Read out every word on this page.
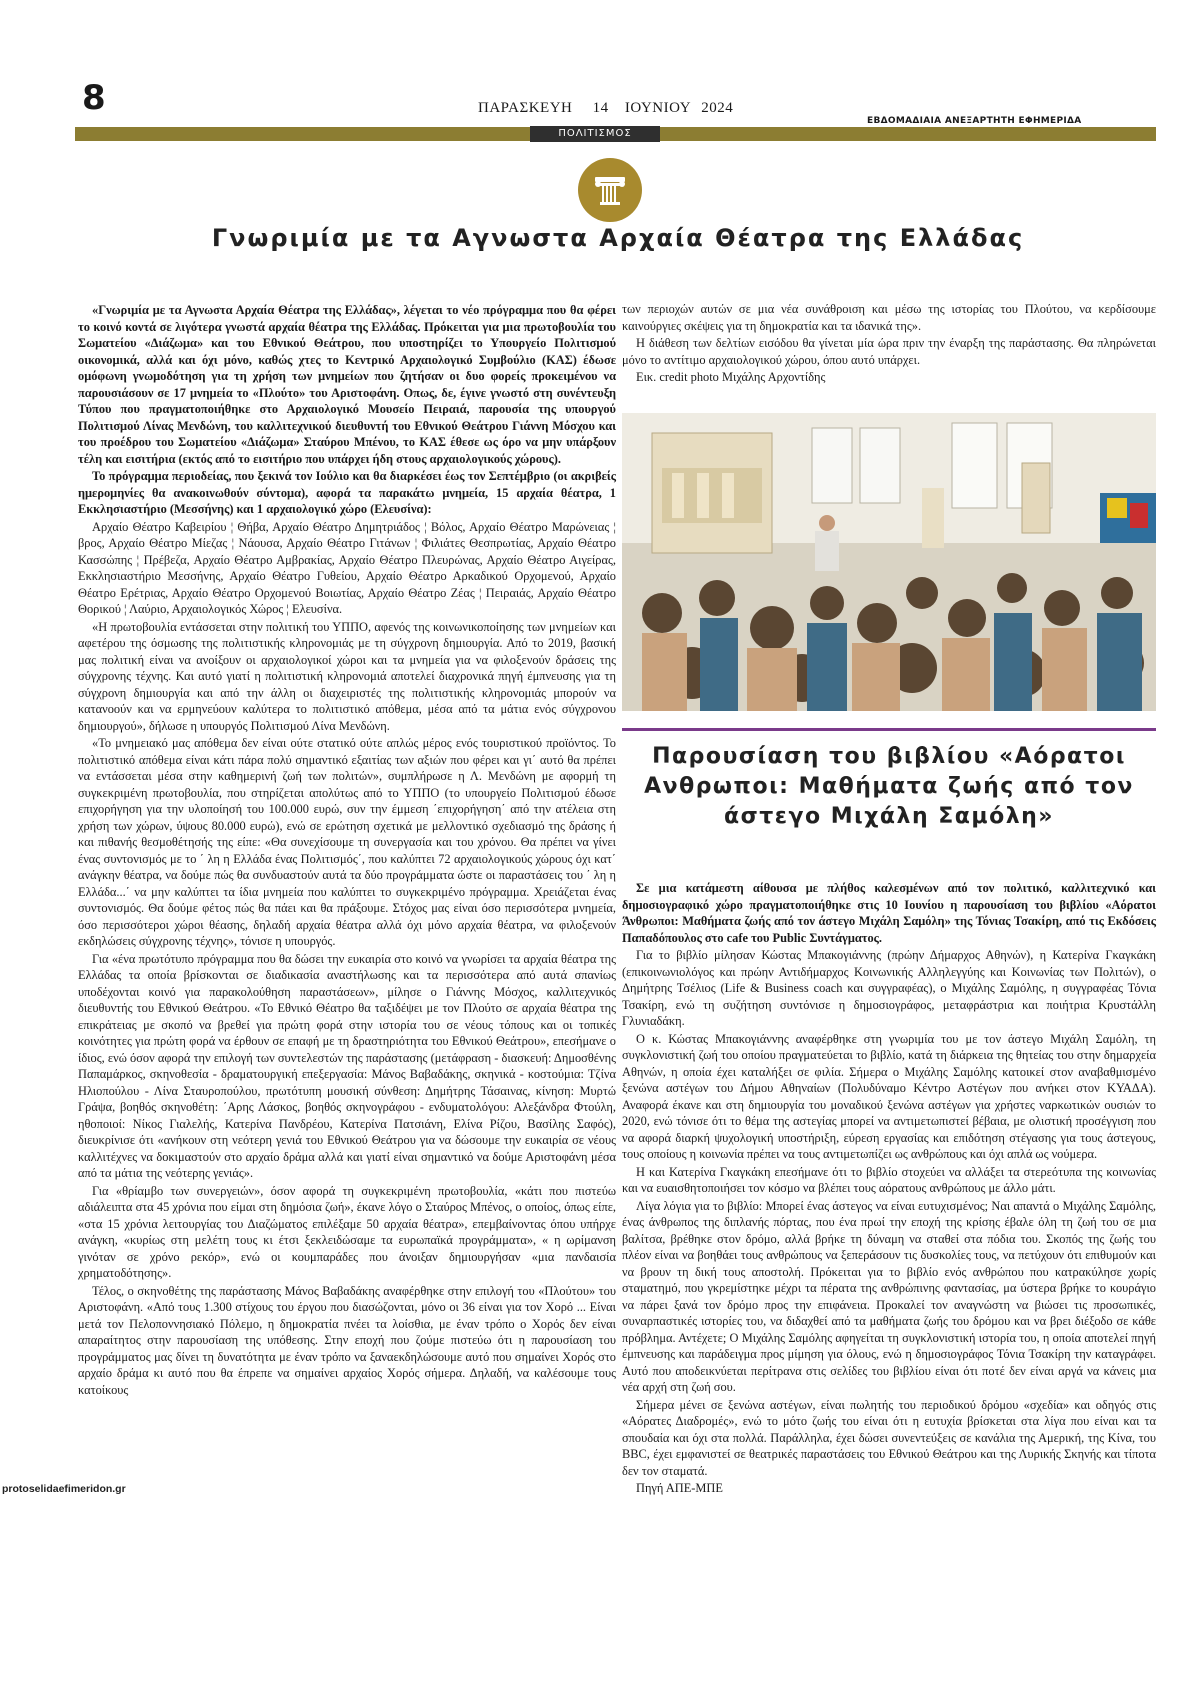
8	ΠΑΡΑΣΚΕΥΗ 14 ΙΟΥΝΙΟΥ 2024
ΕΒΔΟΜΑΔΙΑΙΑ ΑΝΕΞΑΡΤΗΤΗ ΕΦΗΜΕΡΙΔΑ
ΠΟΛΙΤΙΣΜΟΣ
Γνωριμία με τα Αγνωστα Αρχαία Θέατρα της Ελλάδας

«Γνωριμία με τα Αγνωστα Αρχαία Θέατρα της Ελλάδας», λέγεται το νέο πρόγραμμα που θα φέρει το κοινό κοντά σε λιγότερα γνωστά αρχαία θέατρα της Ελλάδας. Πρόκειται για μια πρωτοβουλία του Σωματείου «Διάζωμα» και του Εθνικού Θεάτρου, που υποστηρίζει το Υπουργείο Πολιτισμού οικονομικά, αλλά και όχι μόνο, καθώς χτες το Κεντρικό Αρχαιολογικό Συμβούλιο (ΚΑΣ) έδωσε ομόφωνη γνωμοδότηση για τη χρήση των μνημείων που ζητήσαν οι δυο φορείς προκειμένου να παρουσιάσουν σε 17 μνημεία το «Πλούτο» του Αριστοφάνη. Οπως, δε, έγινε γνωστό στη συνέντευξη Τύπου που πραγματοποιήθηκε στο Αρχαιολογικό Μουσείο Πειραιά, παρουσία της υπουργού Πολιτισμού Λίνας Μενδώνη, του καλλιτεχνικού διευθυντή του Εθνικού Θεάτρου Γιάννη Μόσχου και του προέδρου του Σωματείου «Διάζωμα» Σταύρου Μπένου, το ΚΑΣ έθεσε ως όρο να μην υπάρξουν τέλη και εισιτήρια (εκτός από το εισιτήριο που υπάρχει ήδη στους αρχαιολογικούς χώρους).

Το πρόγραμμα περιοδείας, που ξεκινά τον Ιούλιο και θα διαρκέσει έως τον Σεπτέμβριο (οι ακριβείς ημερομηνίες θα ανακοινωθούν σύντομα), αφορά τα παρακάτω μνημεία, 15 αρχαία θέατρα, 1 Εκκλησιαστήριο (Μεσσήνης) και 1 αρχαιολογικό χώρο (Ελευσίνα):

Αρχαίο Θέατρο Καβειρίου ¦ Θήβα, Αρχαίο Θέατρο Δημητριάδος ¦ Βόλος, Αρχαίο Θέατρο Μαρώνειας ¦ βρος, Αρχαίο Θέατρο Μίεζας ¦ Νάουσα, Αρχαίο Θέατρο Γιτάνων ¦ Φιλιάτες Θεσπρωτίας, Αρχαίο Θέατρο Κασσώπης ¦ Πρέβεζα, Αρχαίο Θέατρο Αμβρακίας, Αρχαίο Θέατρο Πλευρώνας, Αρχαίο Θέατρο Αιγείρας, Εκκλησιαστήριο Μεσσήνης, Αρχαίο Θέατρο Γυθείου, Αρχαίο Θέατρο Αρκαδικού Ορχομενού, Αρχαίο Θέατρο Ερέτριας, Αρχαίο Θέατρο Ορχομενού Βοιωτίας, Αρχαίο Θέατρο Ζέας ¦ Πειραιάς, Αρχαίο Θέατρο Θορικού ¦ Λαύριο, Αρχαιολογικός Χώρος ¦ Ελευσίνα.

«Η πρωτοβουλία εντάσσεται στην πολιτική του ΥΠΠΟ, αφενός της κοινωνικοποίησης των μνημείων και αφετέρου της όσμωσης της πολιτιστικής κληρονομιάς με τη σύγχρονη δημιουργία. Από το 2019, βασική μας πολιτική είναι να ανοίξουν οι αρχαιολογικοί χώροι και τα μνημεία για να φιλοξενούν δράσεις της σύγχρονης τέχνης. Και αυτό γιατί η πολιτιστική κληρονομιά αποτελεί διαχρονικά πηγή έμπνευσης για τη σύγχρονη δημιουργία και από την άλλη οι διαχειριστές της πολιτιστικής κληρονομιάς μπορούν να κατανοούν και να ερμηνεύουν καλύτερα το πολιτιστικό απόθεμα, μέσα από τα μάτια ενός σύγχρονου δημιουργού», δήλωσε η υπουργός Πολιτισμού Λίνα Μενδώνη.

«Το μνημειακό μας απόθεμα δεν είναι ούτε στατικό ούτε απλώς μέρος ενός τουριστικού προϊόντος. Το πολιτιστικό απόθεμα είναι κάτι πάρα πολύ σημαντικό εξαιτίας των αξιών που φέρει και γι΄ αυτό θα πρέπει να εντάσσεται μέσα στην καθημερινή ζωή των πολιτών», συμπλήρωσε η Λ. Μενδώνη με αφορμή τη συγκεκριμένη πρωτοβουλία, που στηρίζεται απολύτως από το ΥΠΠΟ (το υπουργείο Πολιτισμού έδωσε επιχορήγηση για την υλοποίησή του 100.000 ευρώ, συν την έμμεση ΄επιχορήγηση΄ από την ατέλεια στη χρήση των χώρων, ύψους 80.000 ευρώ), ενώ σε ερώτηση σχετικά με μελλοντικό σχεδιασμό της δράσης ή και πιθανής θεσμοθέτησής της είπε: «Θα συνεχίσουμε τη συνεργασία και του χρόνου. Θα πρέπει να γίνει ένας συντονισμός με το ΄ λη η Ελλάδα ένας Πολιτισμός΄, που καλύπτει 72 αρχαιολογικούς χώρους όχι κατ΄ ανάγκην θέατρα, να δούμε πώς θα συνδυαστούν αυτά τα δύο προγράμματα ώστε οι παραστάσεις του ΄ λη η Ελλάδα...΄ να μην καλύπτει τα ίδια μνημεία που καλύπτει το συγκεκριμένο πρόγραμμα. Χρειάζεται ένας συντονισμός. Θα δούμε φέτος πώς θα πάει και θα πράξουμε. Στόχος μας είναι όσο περισσότερα μνημεία, όσο περισσότεροι χώροι θέασης, δηλαδή αρχαία θέατρα αλλά όχι μόνο αρχαία θέατρα, να φιλοξενούν εκδηλώσεις σύγχρονης τέχνης», τόνισε η υπουργός.

Για «ένα πρωτότυπο πρόγραμμα που θα δώσει την ευκαιρία στο κοινό να γνωρίσει τα αρχαία θέατρα της Ελλάδας τα οποία βρίσκονται σε διαδικασία αναστήλωσης και τα περισσότερα από αυτά σπανίως υποδέχονται κοινό για παρακολούθηση παραστάσεων», μίλησε ο Γιάννης Μόσχος, καλλιτεχνικός διευθυντής του Εθνικού Θεάτρου. «Το Εθνικό Θέατρο θα ταξιδέψει με τον Πλούτο σε αρχαία θέατρα της επικράτειας με σκοπό να βρεθεί για πρώτη φορά στην ιστορία του σε νέους τόπους και οι τοπικές κοινότητες για πρώτη φορά να έρθουν σε επαφή με τη δραστηριότητα του Εθνικού Θεάτρου», επεσήμανε ο ίδιος, ενώ όσον αφορά την επιλογή των συντελεστών της παράστασης (μετάφραση - διασκευή: Δημοσθένης Παπαμάρκος, σκηνοθεσία - δραματουργική επεξεργασία: Μάνος Βαβαδάκης, σκηνικά - κοστούμια: Τζίνα Ηλιοπούλου - Λίνα Σταυροπούλου, πρωτότυπη μουσική σύνθεση: Δημήτρης Τάσαινας, κίνηση: Μυρτώ Γράψα, βοηθός σκηνοθέτη: ΄Αρης Λάσκος, βοηθός σκηνογράφου - ενδυματολόγου: Αλεξάνδρα Φτούλη, ηθοποιοί: Νίκος Γιαλελής, Κατερίνα Πανδρέου, Κατερίνα Πατσιάνη, Ελίνα Ρίζου, Βασίλης Σαφός), διευκρίνισε ότι «ανήκουν στη νεότερη γενιά του Εθνικού Θεάτρου για να δώσουμε την ευκαιρία σε νέους καλλιτέχνες να δοκιμαστούν στο αρχαίο δράμα αλλά και γιατί είναι σημαντικό να δούμε Αριστοφάνη μέσα από τα μάτια της νεότερης γενιάς».

Για «θρίαμβο των συνεργειών», όσον αφορά τη συγκεκριμένη πρωτοβουλία, «κάτι που πιστεύω αδιάλειπτα στα 45 χρόνια που είμαι στη δημόσια ζωή», έκανε λόγο ο Σταύρος Μπένος, ο οποίος, όπως είπε, «στα 15 χρόνια λειτουργίας του Διαζώματος επιλέξαμε 50 αρχαία θέατρα», επεμβαίνοντας όπου υπήρχε ανάγκη, «κυρίως στη μελέτη τους κι έτσι ξεκλειδώσαμε τα ευρωπαϊκά προγράμματα», « η ωρίμανση γινόταν σε χρόνο ρεκόρ», ενώ οι κουμπαράδες που άνοιξαν δημιουργήσαν «μια πανδαισία χρηματοδότησης».

Τέλος, ο σκηνοθέτης της παράστασης Μάνος Βαβαδάκης αναφέρθηκε στην επιλογή του «Πλούτου» του Αριστοφάνη. «Από τους 1.300 στίχους του έργου που διασώζονται, μόνο οι 36 είναι για τον Χορό ... Είναι μετά τον Πελοποννησιακό Πόλεμο, η δημοκρατία πνέει τα λοίσθια, με έναν τρόπο ο Χορός δεν είναι απαραίτητος στην παρουσίαση της υπόθεσης. Στην εποχή που ζούμε πιστεύω ότι η παρουσίαση του προγράμματος μας δίνει τη δυνατότητα με έναν τρόπο να ξαναεκδηλώσουμε αυτό που σημαίνει Χορός στο αρχαίο δράμα κι αυτό που θα έπρεπε να σημαίνει αρχαίος Χορός σήμερα. Δηλαδή, να καλέσουμε τους κατοίκους

των περιοχών αυτών σε μια νέα συνάθροιση και μέσω της ιστορίας του Πλούτου, να κερδίσουμε καινούργιες σκέψεις για τη δημοκρατία και τα ιδανικά της».

Η διάθεση των δελτίων εισόδου θα γίνεται μία ώρα πριν την έναρξη της παράστασης. Θα πληρώνεται μόνο το αντίτιμο αρχαιολογικού χώρου, όπου αυτό υπάρχει.

Εικ. credit photo Μιχάλης Αρχοντίδης

Παρουσίαση του βιβλίου «Αόρατοι Ανθρωποι: Μαθήματα ζωής από τον άστεγο Μιχάλη Σαμόλη»

Σε μια κατάμεστη αίθουσα με πλήθος καλεσμένων από τον πολιτικό, καλλιτεχνικό και δημοσιογραφικό χώρο πραγματοποιήθηκε στις 10 Ιουνίου η παρουσίαση του βιβλίου «Αόρατοι Άνθρωποι: Μαθήματα ζωής από τον άστεγο Μιχάλη Σαμόλη» της Τόνιας Τσακίρη, από τις Εκδόσεις Παπαδόπουλος στο cafe του Public Συντάγματος.

Για το βιβλίο μίλησαν Κώστας Μπακογιάννης (πρώην Δήμαρχος Αθηνών), η Κατερίνα Γκαγκάκη (επικοινωνιολόγος και πρώην Αντιδήμαρχος Κοινωνικής Αλληλεγγύης και Κοινωνίας των Πολιτών), ο Δημήτρης Τσέλιος (Life & Business coach και συγγραφέας), ο Μιχάλης Σαμόλης, η συγγραφέας Τόνια Τσακίρη, ενώ τη συζήτηση συντόνισε η δημοσιογράφος, μεταφράστρια και ποιήτρια Κρυστάλλη Γλυνιαδάκη.

Ο κ. Κώστας Μπακογιάννης αναφέρθηκε στη γνωριμία του με τον άστεγο Μιχάλη Σαμόλη, τη συγκλονιστική ζωή του οποίου πραγματεύεται το βιβλίο, κατά τη διάρκεια της θητείας του στην δημαρχεία Αθηνών, η οποία έχει καταλήξει σε φιλία. Σήμερα ο Μιχάλης Σαμόλης κατοικεί στον αναβαθμισμένο ξενώνα αστέγων του Δήμου Αθηναίων (Πολυδύναμο Κέντρο Αστέγων που ανήκει στον ΚΥΑΔΑ). Αναφορά έκανε και στη δημιουργία του μοναδικού ξενώνα αστέγων για χρήστες ναρκωτικών ουσιών το 2020, ενώ τόνισε ότι το θέμα της αστεγίας μπορεί να αντιμετωπιστεί βέβαια, με ολιστική προσέγγιση που να αφορά διαρκή ψυχολογική υποστήριξη, εύρεση εργασίας και επιδότηση στέγασης για τους άστεγους, τους οποίους η κοινωνία πρέπει να τους αντιμετωπίζει ως ανθρώπους και όχι απλά ως νούμερα.

Η και Κατερίνα Γκαγκάκη επεσήμανε ότι το βιβλίο στοχεύει να αλλάξει τα στερεότυπα της κοινωνίας και να ευαισθητοποιήσει τον κόσμο να βλέπει τους αόρατους ανθρώπους με άλλο μάτι.

Λίγα λόγια για το βιβλίο: Μπορεί ένας άστεγος να είναι ευτυχισμένος; Ναι απαντά ο Μιχάλης Σαμόλης, ένας άνθρωπος της διπλανής πόρτας, που ένα πρωί την εποχή της κρίσης έβαλε όλη τη ζωή του σε μια βαλίτσα, βρέθηκε στον δρόμο, αλλά βρήκε τη δύναμη να σταθεί στα πόδια του. Σκοπός της ζωής του πλέον είναι να βοηθάει τους ανθρώπους να ξεπεράσουν τις δυσκολίες τους, να πετύχουν ότι επιθυμούν και να βρουν τη δική τους αποστολή. Πρόκειται για το βιβλίο ενός ανθρώπου που κατρακύλησε χωρίς σταματημό, που γκρεμίστηκε μέχρι τα πέρατα της ανθρώπινης φαντασίας, μα ύστερα βρήκε το κουράγιο να πάρει ξανά τον δρόμο προς την επιφάνεια. Προκαλεί τον αναγνώστη να βιώσει τις προσωπικές, συναρπαστικές ιστορίες του, να διδαχθεί από τα μαθήματα ζωής του δρόμου και να βρει διέξοδο σε κάθε πρόβλημα. Αντέχετε; Ο Μιχάλης Σαμόλης αφηγείται τη συγκλονιστική ιστορία του, η οποία αποτελεί πηγή έμπνευσης και παράδειγμα προς μίμηση για όλους, ενώ η δημοσιογράφος Τόνια Τσακίρη την καταγράφει. Αυτό που αποδεικνύεται περίτρανα στις σελίδες του βιβλίου είναι ότι ποτέ δεν είναι αργά να κάνεις μια νέα αρχή στη ζωή σου.

Σήμερα μένει σε ξενώνα αστέγων, είναι πωλητής του περιοδικού δρόμου «σχεδία» και οδηγός στις «Αόρατες Διαδρομές», ενώ το μότο ζωής του είναι ότι η ευτυχία βρίσκεται στα λίγα που είναι και τα σπουδαία και όχι στα πολλά. Παράλληλα, έχει δώσει συνεντεύξεις σε κανάλια της Αμερική, της Κίνα, του BBC, έχει εμφανιστεί σε θεατρικές παραστάσεις του Εθνικού Θεάτρου και της Λυρικής Σκηνής και τίποτα δεν τον σταματά.

Πηγή ΑΠΕ-ΜΠΕ

protoselidaefimeridon.gr
